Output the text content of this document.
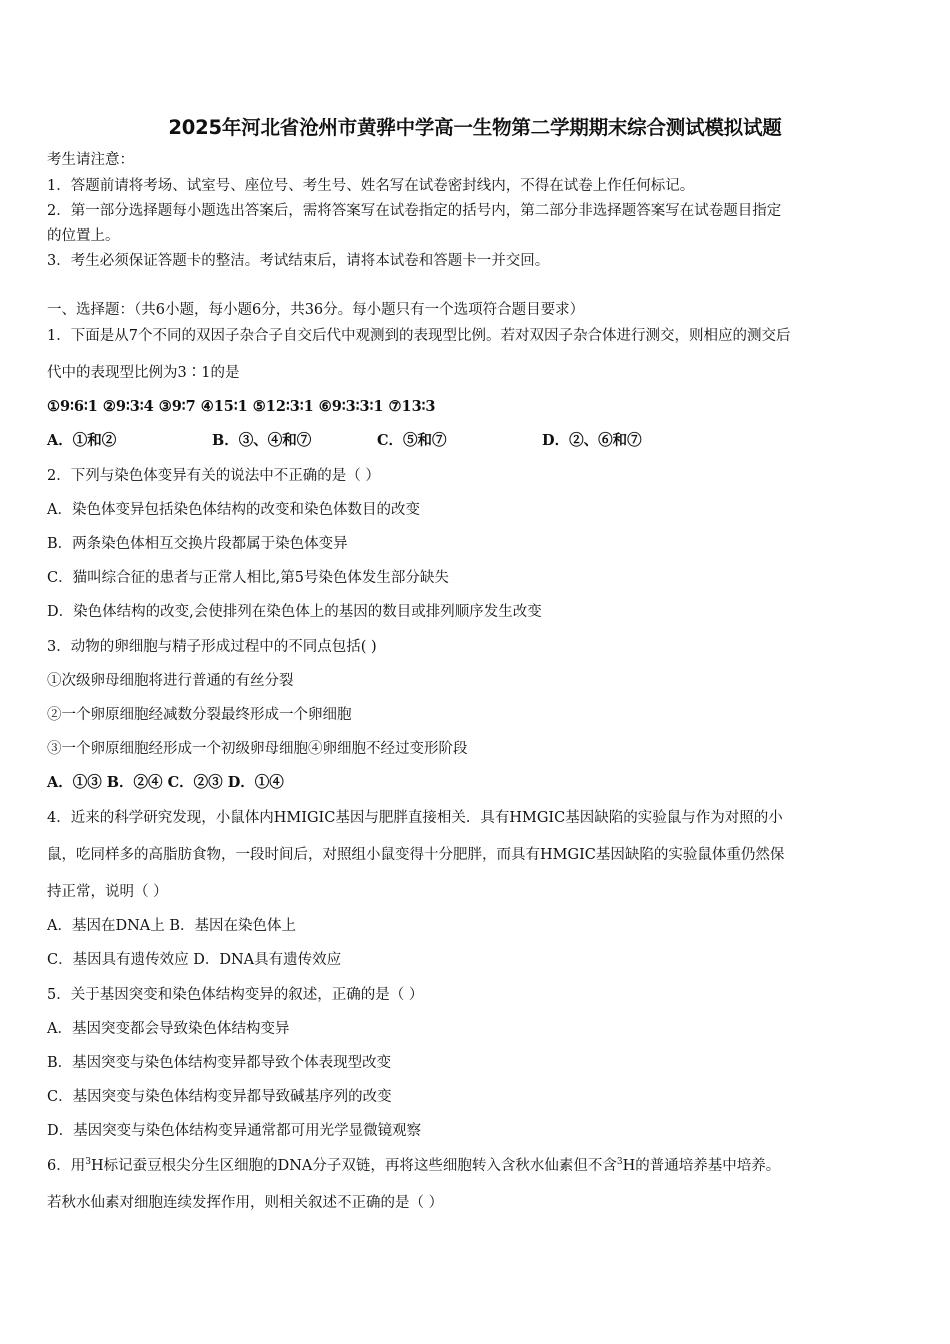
2025年河北省沧州市黄骅中学高一生物第二学期期末综合测试模拟试题
考生请注意：
1．答题前请将考场、试室号、座位号、考生号、姓名写在试卷密封线内，不得在试卷上作任何标记。
2．第一部分选择题每小题选出答案后，需将答案写在试卷指定的括号内，第二部分非选择题答案写在试卷题目指定
的位置上。
3．考生必须保证答题卡的整洁。考试结束后，请将本试卷和答题卡一并交回。
一、选择题：（共6小题，每小题6分，共36分。每小题只有一个选项符合题目要求）
1．下面是从7个不同的双因子杂合子自交后代中观测到的表现型比例。若对双因子杂合体进行测交，则相应的测交后
代中的表现型比例为3∶1的是
①9∶6∶1 ②9∶3∶4 ③9∶7 ④15∶1 ⑤12∶3∶1 ⑥9∶3∶3∶1 ⑦13∶3
A．①和②	B．③、④和⑦	C．⑤和⑦	D．②、⑥和⑦
2．下列与染色体变异有关的说法中不正确的是（ ）
A．染色体变异包括染色体结构的改变和染色体数目的改变
B．两条染色体相互交换片段都属于染色体变异
C．猫叫综合征的患者与正常人相比,第5号染色体发生部分缺失
D．染色体结构的改变,会使排列在染色体上的基因的数目或排列顺序发生改变
3．动物的卵细胞与精子形成过程中的不同点包括( )
①次级卵母细胞将进行普通的有丝分裂
②一个卵原细胞经减数分裂最终形成一个卵细胞
③一个卵原细胞经形成一个初级卵母细胞④卵细胞不经过变形阶段
A．①③ B．②④ C．②③ D．①④
4．近来的科学研究发现，小鼠体内HMIGIC基因与肥胖直接相关．具有HMGIC基因缺陷的实验鼠与作为对照的小
鼠，吃同样多的高脂肪食物，一段时间后，对照组小鼠变得十分肥胖，而具有HMGIC基因缺陷的实验鼠体重仍然保
持正常，说明（ ）
A．基因在DNA上 B．基因在染色体上
C．基因具有遗传效应 D．DNA具有遗传效应
5．关于基因突变和染色体结构变异的叙述，正确的是（ ）
A．基因突变都会导致染色体结构变异
B．基因突变与染色体结构变异都导致个体表现型改变
C．基因突变与染色体结构变异都导致碱基序列的改变
D．基因突变与染色体结构变异通常都可用光学显微镜观察
6．用$^3$H标记蚕豆根尖分生区细胞的DNA分子双链，再将这些细胞转入含秋水仙素但不含$^3$H的普通培养基中培养。
若秋水仙素对细胞连续发挥作用，则相关叙述不正确的是（ ）
